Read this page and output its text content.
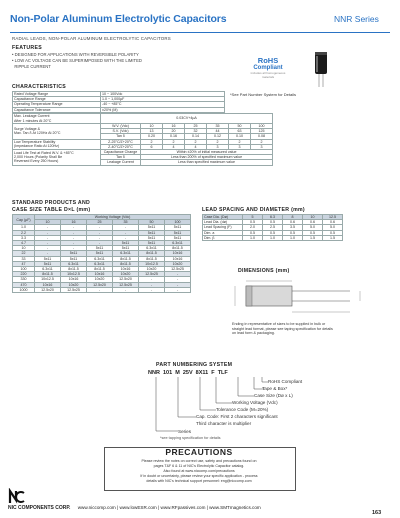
Non-Polar Aluminum Electrolytic Capacitors	NNR Series
RADIAL LEADS, NON-POLAR ALUMINUM ELECTROLYTIC CAPACITORS
FEATURES
• DESIGNED FOR APPLICATIONS WITH REVERSIBLE POLARITY
• LOW AC VOLTAGE CAN BE SUPERIMPOSED WITH THE LIMITED
RIPPLE CURRENT
RoHS
Compliant
includes all homogeneous materials
*See Part Number System for Details
CHARACTERISTICS
Rated Voltage Range	10 ~ 100Vdc
Capacitance Range	1.0 ~ 1,000µF
Operating Temperature Range	-40 ~ +85°C
Capacitance Tolerance	±20% (M)
Max. Leakage Current
After 1 minutes At 20°C	0.03CV+4µA						
Surge Voltage &
Max. Tan δ At 120Hz At 20°C	W.V. (Vdc)	10	16	25	35	50	100
	S.V. (Vdc)	13	20	32	44	63	125
	Tan δ	0.20	0.16	0.14	0.12	0.10	0.08
Low Temperature Stability
(Impedance Ratio At 120Hz)	Z-25°C/Z+20°C	2	2	2	2	2	2
	Z-40°C/Z+20°C	6	4	4	3	3	3
Load Life Test at Rated W.V. & +85°C
2,000 Hours (Polarity Shall Be
Reversed Every 250 Hours)	Capacitance Change	Within ±20% of initial measured value					
	Tan δ	Less than 200% of specified maximum value					
	Leakage Current	Less than specified maximum value					
STANDARD PRODUCTS AND
CASE SIZE TABLE D×L (mm)
Cap (µF)	Working Voltage (Vdc)					
	10	16	25	35	50	100
1.0	-	-	-	-	5x11	5x11
2.2	-	-	-	-	5x11	5x11
3.3	-	-	-	-	5x11	5x11
4.7	-	-	-	5x11	5x11	6.3x11
10	-	-	5x11	5x11	6.3x11	8x11.5
22	-	5x11	5x11	6.3x11	8x11.5	10x16
33	5x11	5x11	6.3x11	8x11.5	8x11.5	10x16
47	5x11	6.3x11	6.3x11	8x11.5	10x12.5	10x20
100	6.3x11	8x11.5	8x11.5	10x16	10x20	12.5x25
220	8x11.5	10x12.5	10x16	10x20	12.5x25	-
330	10x12.5	10x16	10x20	12.5x20	-	-
470	10x16	10x20	12.5x20	12.5x25	-	-
1000	12.5x20	12.5x25	-	-	-	-
LEAD SPACING AND DIAMETER (mm)
Case Dia. (Dø)	5	6.3	8	10	12.5
Lead Dia. (dø)	0.5	0.5	0.6	0.6	0.6
Lead Spacing (F)	2.0	2.5	3.5	5.0	5.0
Dim. a	0.5	0.5	0.5	0.5	0.5
Dim. β	1.0	1.0	1.0	1.5	1.5
DIMENSIONS (mm)
Ending in representative of sizes to be supplied in bulk or
straight lead format, please see taping specification for details
on lead form & packaging.
PART NUMBERING SYSTEM
NNR  101  M  25V  8X11  F  TLF
RoHS Compliant
Tape & Box*
Case Size (Dø x L)
Working Voltage (Vdc)
Tolerance Code (M=20%)
Cap. Code: First 2 characters significant
Third character is multiplier
Series
*see tapping specification for details
PRECAUTIONS
Please review the notes on correct use, safety and precautions found on
pages T&F 6 & 11 of NIC's Electrolytic Capacitor catalog.
Also found at www.niccomp.com/precautions
If in doubt or uncertainty, please review your specific application - process
details with NIC's technical support personnel: eng@niccomp.com
NIC COMPONENTS CORP. www.niccomp.com | www.lowESR.com | www.RFpassives.com | www.SMTmagnetics.com
163
